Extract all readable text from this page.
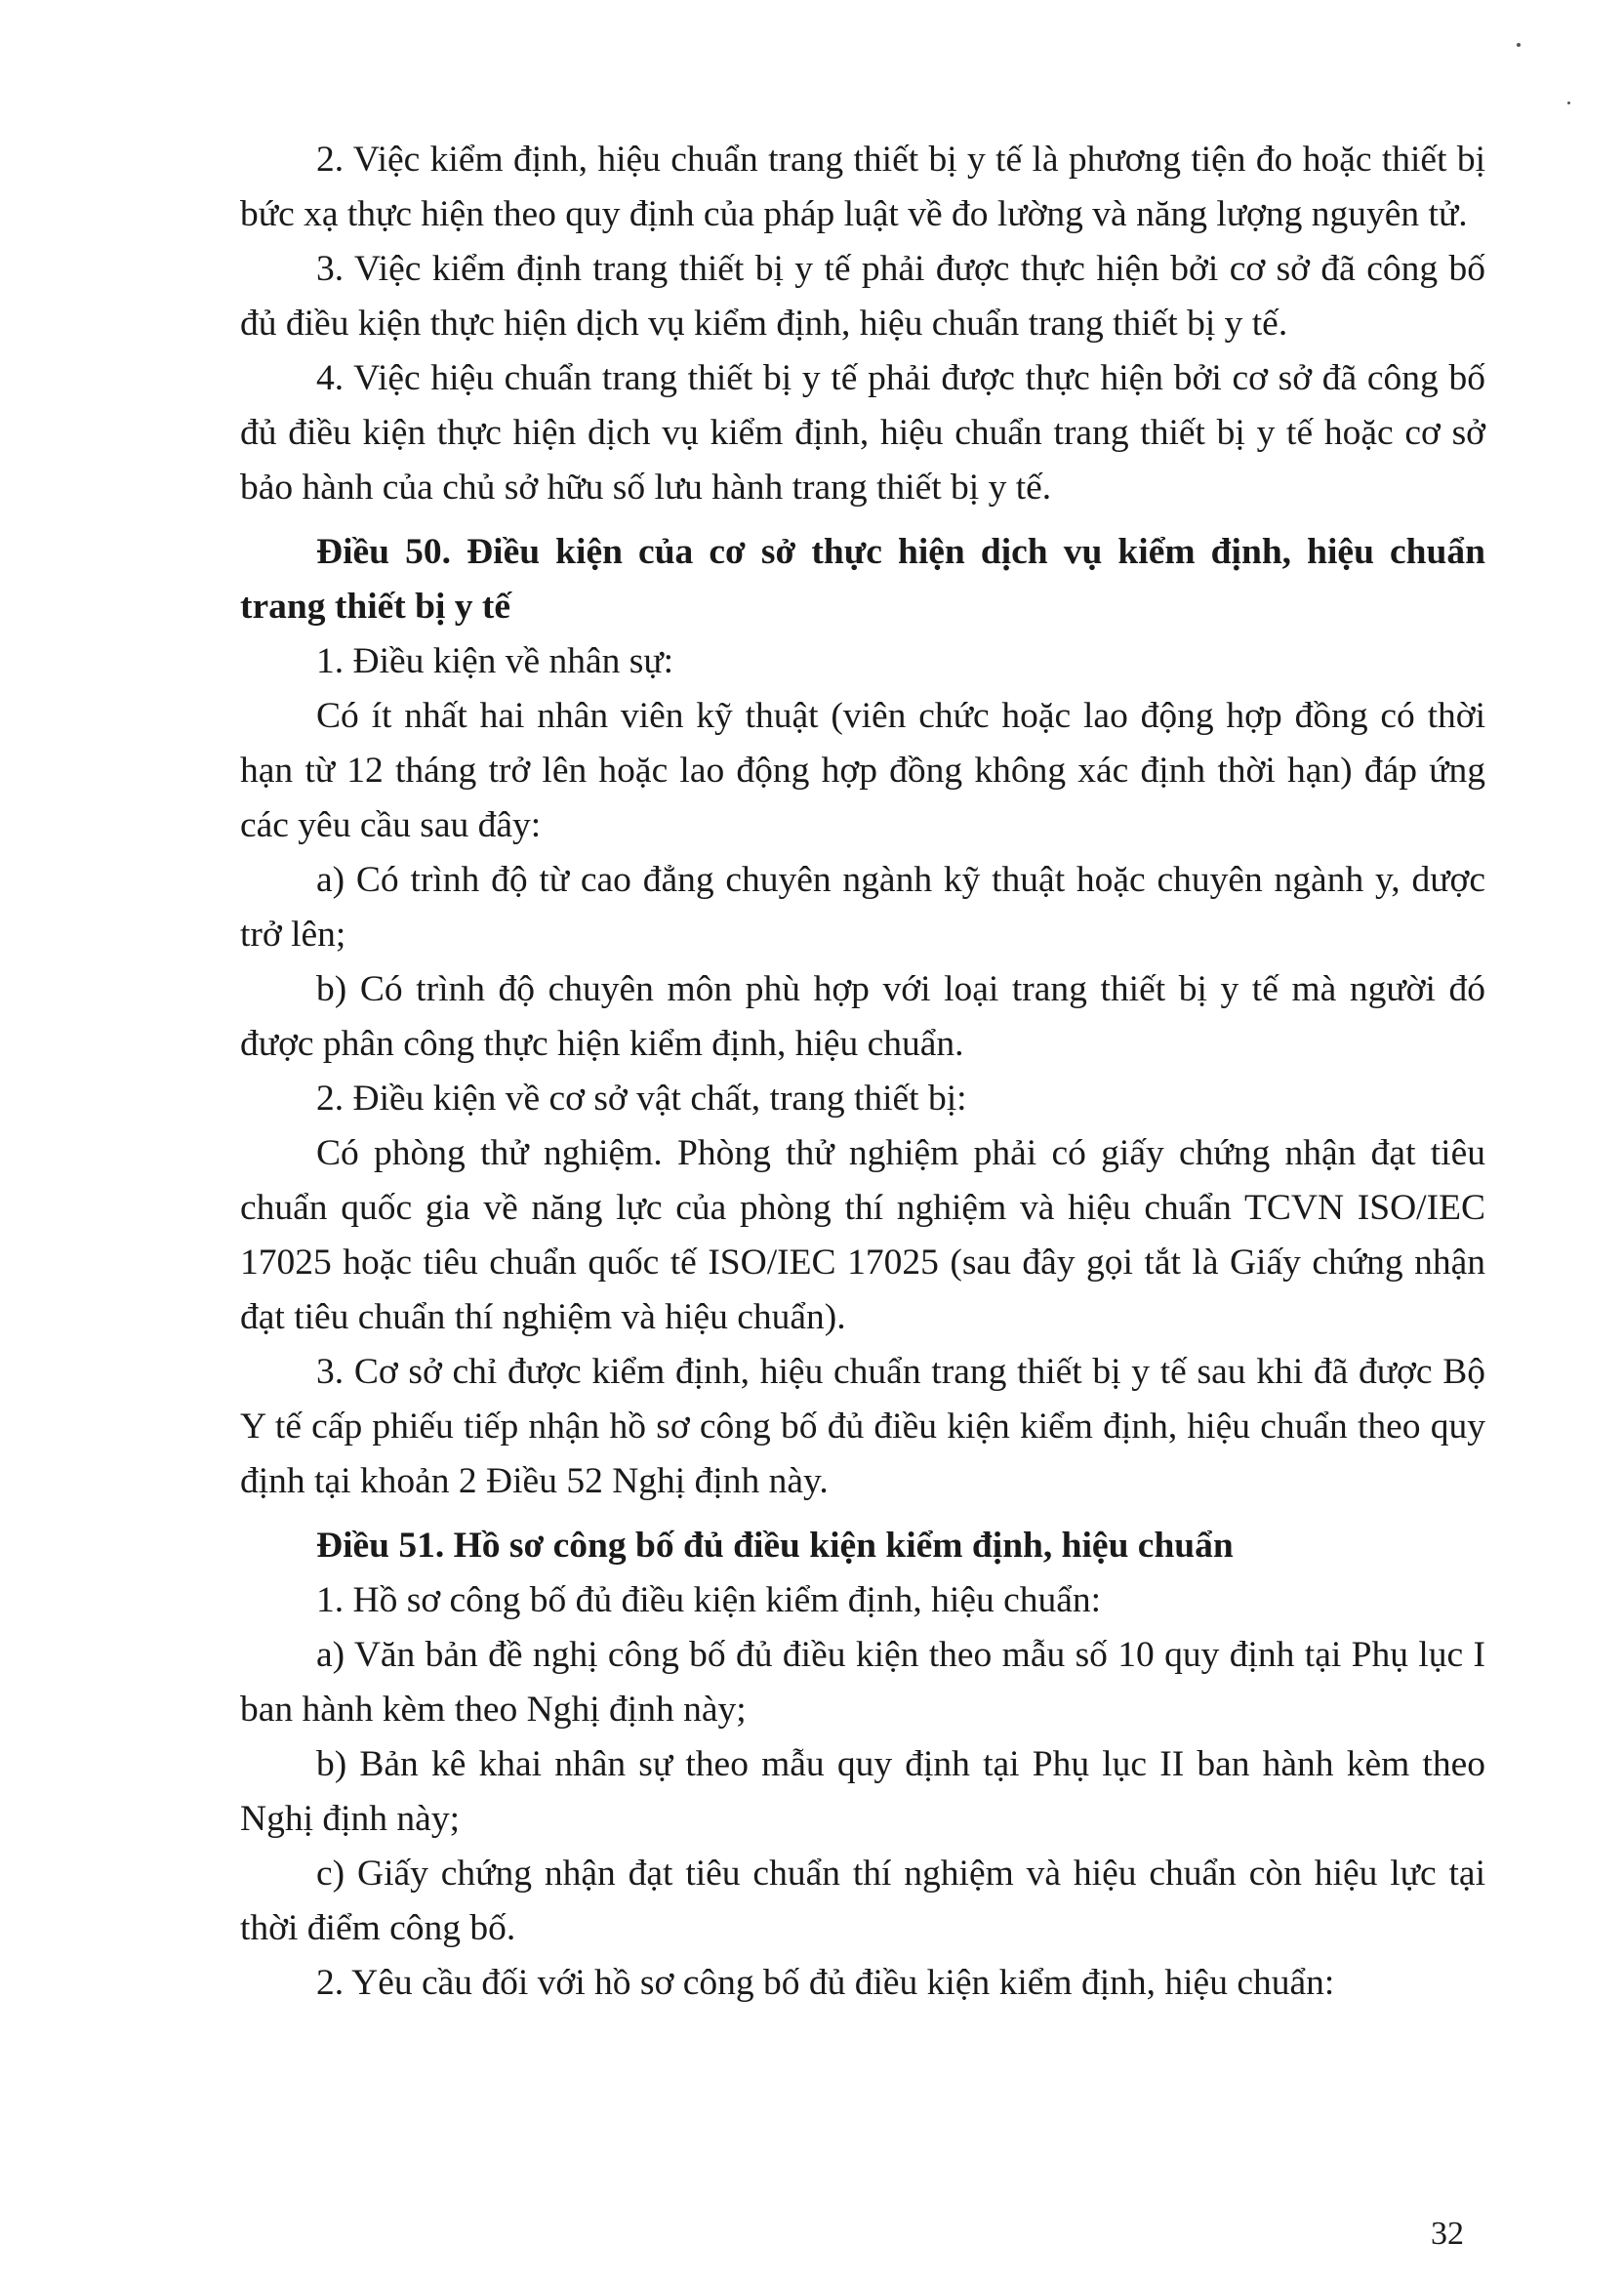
2. Việc kiểm định, hiệu chuẩn trang thiết bị y tế là phương tiện đo hoặc thiết bị bức xạ thực hiện theo quy định của pháp luật về đo lường và năng lượng nguyên tử.

3. Việc kiểm định trang thiết bị y tế phải được thực hiện bởi cơ sở đã công bố đủ điều kiện thực hiện dịch vụ kiểm định, hiệu chuẩn trang thiết bị y tế.

4. Việc hiệu chuẩn trang thiết bị y tế phải được thực hiện bởi cơ sở đã công bố đủ điều kiện thực hiện dịch vụ kiểm định, hiệu chuẩn trang thiết bị y tế hoặc cơ sở bảo hành của chủ sở hữu số lưu hành trang thiết bị y tế.

Điều 50. Điều kiện của cơ sở thực hiện dịch vụ kiểm định, hiệu chuẩn trang thiết bị y tế

1. Điều kiện về nhân sự:

Có ít nhất hai nhân viên kỹ thuật (viên chức hoặc lao động hợp đồng có thời hạn từ 12 tháng trở lên hoặc lao động hợp đồng không xác định thời hạn) đáp ứng các yêu cầu sau đây:

a) Có trình độ từ cao đẳng chuyên ngành kỹ thuật hoặc chuyên ngành y, dược trở lên;

b) Có trình độ chuyên môn phù hợp với loại trang thiết bị y tế mà người đó được phân công thực hiện kiểm định, hiệu chuẩn.

2. Điều kiện về cơ sở vật chất, trang thiết bị:

Có phòng thử nghiệm. Phòng thử nghiệm phải có giấy chứng nhận đạt tiêu chuẩn quốc gia về năng lực của phòng thí nghiệm và hiệu chuẩn TCVN ISO/IEC 17025 hoặc tiêu chuẩn quốc tế ISO/IEC 17025 (sau đây gọi tắt là Giấy chứng nhận đạt tiêu chuẩn thí nghiệm và hiệu chuẩn).

3. Cơ sở chỉ được kiểm định, hiệu chuẩn trang thiết bị y tế sau khi đã được Bộ Y tế cấp phiếu tiếp nhận hồ sơ công bố đủ điều kiện kiểm định, hiệu chuẩn theo quy định tại khoản 2 Điều 52 Nghị định này.

Điều 51. Hồ sơ công bố đủ điều kiện kiểm định, hiệu chuẩn

1. Hồ sơ công bố đủ điều kiện kiểm định, hiệu chuẩn:

a) Văn bản đề nghị công bố đủ điều kiện theo mẫu số 10 quy định tại Phụ lục I ban hành kèm theo Nghị định này;

b) Bản kê khai nhân sự theo mẫu quy định tại Phụ lục II ban hành kèm theo Nghị định này;

c) Giấy chứng nhận đạt tiêu chuẩn thí nghiệm và hiệu chuẩn còn hiệu lực tại thời điểm công bố.

2. Yêu cầu đối với hồ sơ công bố đủ điều kiện kiểm định, hiệu chuẩn:

32
